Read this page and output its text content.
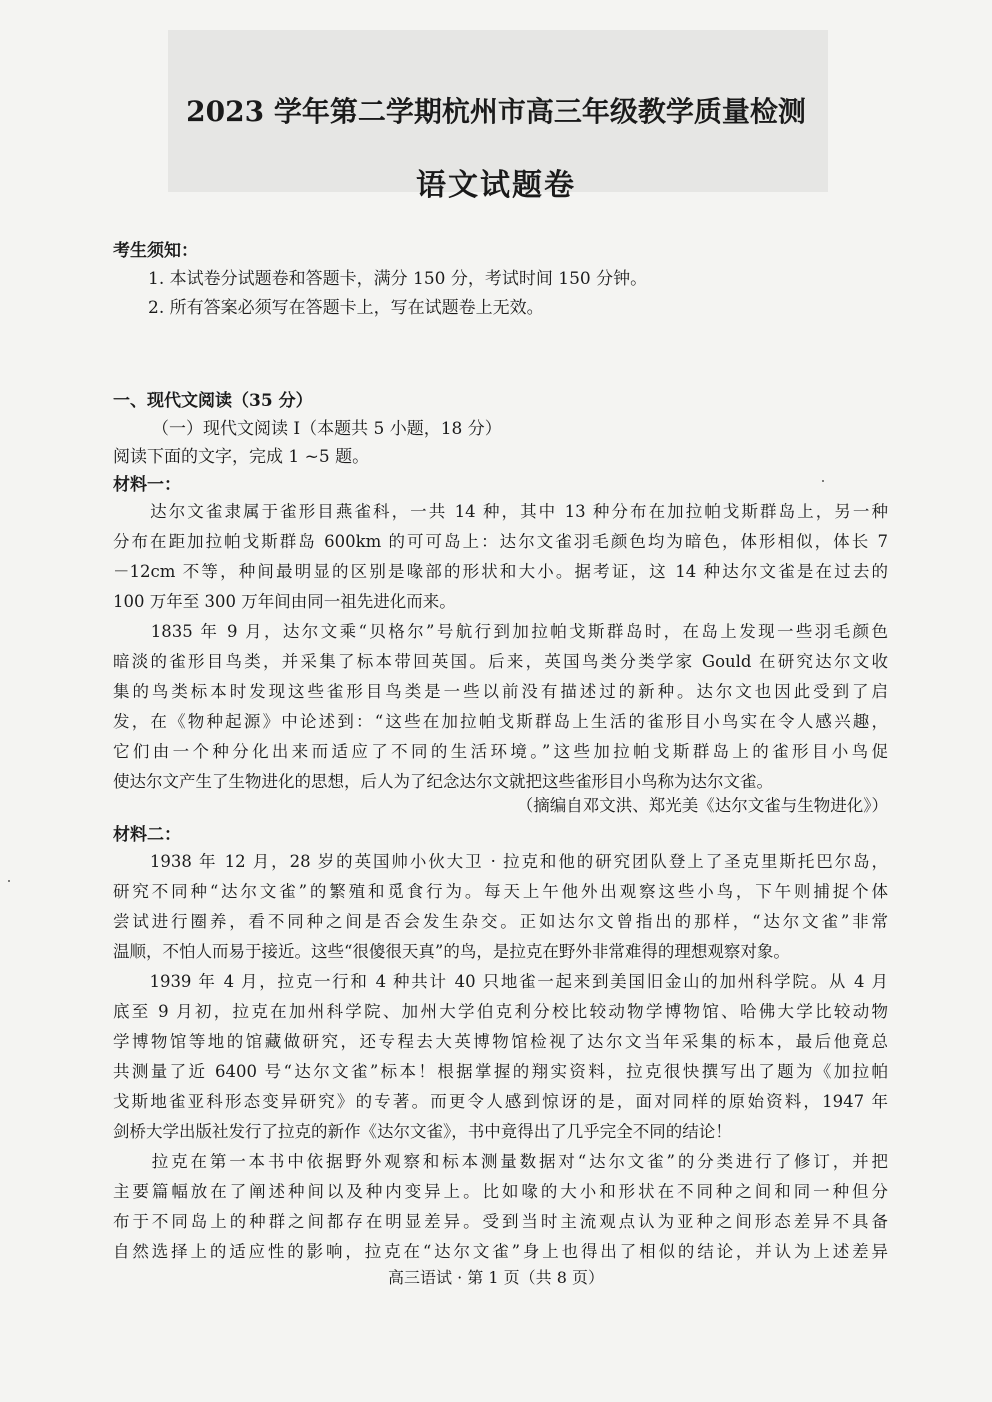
2023 学年第二学期杭州市高三年级教学质量检测
语文试题卷
考生须知：
1. 本试卷分试题卷和答题卡，满分 150 分，考试时间 150 分钟。
2. 所有答案必须写在答题卡上，写在试题卷上无效。
一、现代文阅读（35 分）
（一）现代文阅读 Ⅰ（本题共 5 小题，18 分）
阅读下面的文字，完成 1 ~5 题。
材料一：
　　达尔文雀隶属于雀形目燕雀科，一共 14 种，其中 13 种分布在加拉帕戈斯群岛上，另一种
分布在距加拉帕戈斯群岛 600km 的可可岛上：达尔文雀羽毛颜色均为暗色，体形相似，体长 7
－12cm 不等，种间最明显的区别是喙部的形状和大小。据考证，这 14 种达尔文雀是在过去的
100 万年至 300 万年间由同一祖先进化而来。
　　1835 年 9 月，达尔文乘“贝格尔”号航行到加拉帕戈斯群岛时，在岛上发现一些羽毛颜色
暗淡的雀形目鸟类，并采集了标本带回英国。后来，英国鸟类分类学家 Gould 在研究达尔文收
集的鸟类标本时发现这些雀形目鸟类是一些以前没有描述过的新种。达尔文也因此受到了启
发，在《物种起源》中论述到：“这些在加拉帕戈斯群岛上生活的雀形目小鸟实在令人感兴趣，
它们由一个种分化出来而适应了不同的生活环境。”这些加拉帕戈斯群岛上的雀形目小鸟促
使达尔文产生了生物进化的思想，后人为了纪念达尔文就把这些雀形目小鸟称为达尔文雀。
（摘编自邓文洪、郑光美《达尔文雀与生物进化》）
材料二：
　　1938 年 12 月，28 岁的英国帅小伙大卫 · 拉克和他的研究团队登上了圣克里斯托巴尔岛，
研究不同种“达尔文雀”的繁殖和觅食行为。每天上午他外出观察这些小鸟，下午则捕捉个体
尝试进行圈养，看不同种之间是否会发生杂交。正如达尔文曾指出的那样，“达尔文雀”非常
温顺，不怕人而易于接近。这些“很傻很天真”的鸟，是拉克在野外非常难得的理想观察对象。
　　1939 年 4 月，拉克一行和 4 种共计 40 只地雀一起来到美国旧金山的加州科学院。从 4 月
底至 9 月初，拉克在加州科学院、加州大学伯克利分校比较动物学博物馆、哈佛大学比较动物
学博物馆等地的馆藏做研究，还专程去大英博物馆检视了达尔文当年采集的标本，最后他竟总
共测量了近 6400 号“达尔文雀”标本！根据掌握的翔实资料，拉克很快撰写出了题为《加拉帕
戈斯地雀亚科形态变异研究》的专著。而更令人感到惊讶的是，面对同样的原始资料，1947 年
剑桥大学出版社发行了拉克的新作《达尔文雀》，书中竟得出了几乎完全不同的结论！
　　拉克在第一本书中依据野外观察和标本测量数据对“达尔文雀”的分类进行了修订，并把
主要篇幅放在了阐述种间以及种内变异上。比如喙的大小和形状在不同种之间和同一种但分
布于不同岛上的种群之间都存在明显差异。受到当时主流观点认为亚种之间形态差异不具备
自然选择上的适应性的影响，拉克在“达尔文雀”身上也得出了相似的结论，并认为上述差异
高三语试 · 第 1 页（共 8 页）
